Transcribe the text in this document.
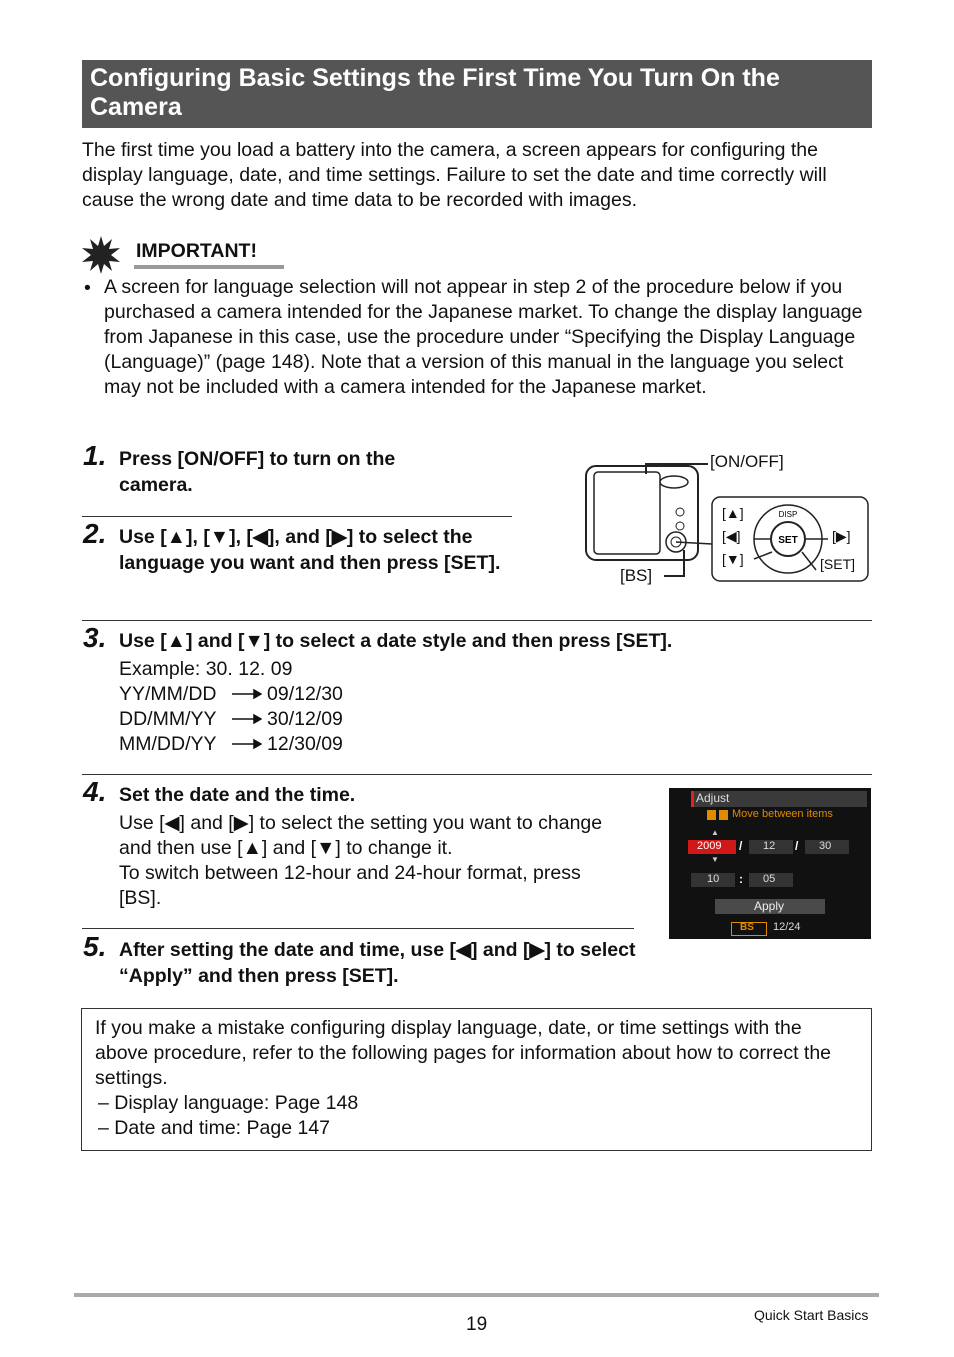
Configuring Basic Settings the First Time You Turn On the Camera
The first time you load a battery into the camera, a screen appears for configuring the display language, date, and time settings. Failure to set the date and time correctly will cause the wrong date and time data to be recorded with images.
IMPORTANT!
• A screen for language selection will not appear in step 2 of the procedure below if you purchased a camera intended for the Japanese market. To change the display language from Japanese in this case, use the procedure under “Specifying the Display Language (Language)” (page 148). Note that a version of this manual in the language you select may not be included with a camera intended for the Japanese market.
1. Press [ON/OFF] to turn on the camera.
2. Use [▲], [▼], [◀], and [▶] to select the language you want and then press [SET].
SET
DISP
[ON/OFF]
[BS]
[▲]
[◀]
[▼]
[▶]
[SET]
3. Use [▲] and [▼] to select a date style and then press [SET].
Example: 30. 12. 09
YY/MM/DD
DD/MM/YY
MM/DD/YY
09/12/30
30/12/09
12/30/09
4. Set the date and the time.
Use [◀] and [▶] to select the setting you want to change and then use [▲] and [▼] to change it.
To switch between 12-hour and 24-hour format, press [BS].
Adjust
Move between items
▲
2009 / 12 / 30
▼
10 : 05
Apply
BS 12/24
5. After setting the date and time, use [◀] and [▶] to select “Apply” and then press [SET].
If you make a mistake configuring display language, date, or time settings with the above procedure, refer to the following pages for information about how to correct the settings.
– Display language: Page 148
– Date and time: Page 147
19	Quick Start Basics
